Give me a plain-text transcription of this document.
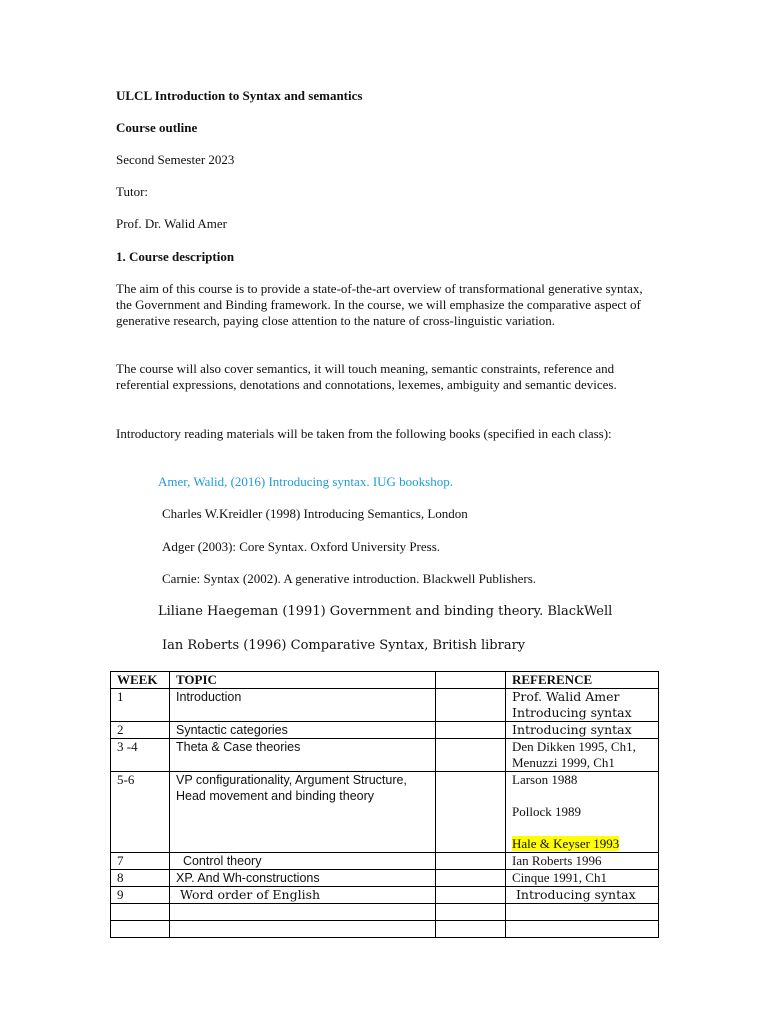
ULCL Introduction to Syntax and semantics

Course outline

Second Semester 2023

Tutor:

Prof. Dr. Walid Amer

1. Course description

The aim of this course is to provide a state-of-the-art overview of transformational generative syntax, the Government and Binding framework. In the course, we will emphasize the comparative aspect of generative research, paying close attention to the nature of cross-linguistic variation.

The course will also cover semantics, it will touch meaning, semantic constraints, reference and referential expressions, denotations and connotations, lexemes, ambiguity and semantic devices.

Introductory reading materials will be taken from the following books (specified in each class):

Amer, Walid, (2016) Introducing syntax. IUG bookshop.

Charles W.Kreidler (1998) Introducing Semantics, London

Adger (2003): Core Syntax. Oxford University Press.

Carnie: Syntax (2002). A generative introduction. Blackwell Publishers.

Liliane Haegeman (1991) Government and binding theory. BlackWell

Ian Roberts (1996) Comparative Syntax, British library

WEEK	TOPIC		REFERENCE
1	Introduction		Prof. Walid Amer
Introducing syntax

2	Syntactic categories		Introducing syntax
3 -4	Theta & Case theories		Den Dikken 1995, Ch1,
Menuzzi 1999, Ch1

5-6	VP configurationality, Argument Structure, Head movement and binding theory		Larson 1988
Pollock 1989
Hale & Keyser 1993

7	Control theory		Ian Roberts 1996
8	XP. And Wh-constructions		Cinque 1991, Ch1
9	Word order of English		Introducing syntax
